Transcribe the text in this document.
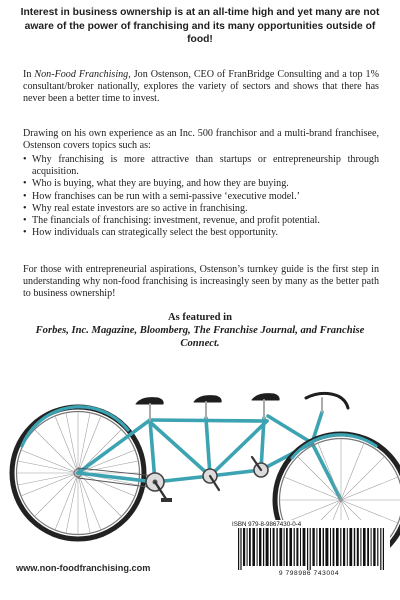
Interest in business ownership is at an all-time high and yet many are not aware of the power of franchising and its many opportunities outside of food!

In Non-Food Franchising, Jon Ostenson, CEO of FranBridge Consulting and a top 1% consultant/broker nationally, explores the variety of sectors and shows that there has never been a better time to invest.

Drawing on his own experience as an Inc. 500 franchisor and a multi-brand franchisee, Ostenson covers topics such as:

• Why franchising is more attractive than startups or entrepreneurship through acquisition.
• Who is buying, what they are buying, and how they are buying.
• How franchises can be run with a semi-passive ‘executive model.’
• Why real estate investors are so active in franchising.
• The financials of franchising: investment, revenue, and profit potential.
• How individuals can strategically select the best opportunity.

For those with entrepreneurial aspirations, Ostenson’s turnkey guide is the first step in understanding why non-food franchising is increasingly seen by many as the better path to business ownership!

As featured in
Forbes, Inc. Magazine, Bloomberg, The Franchise Journal, and Franchise Connect.

ISBN 979-8-9867430-0-4
9 798986 743004
www.non-foodfranchising.com
